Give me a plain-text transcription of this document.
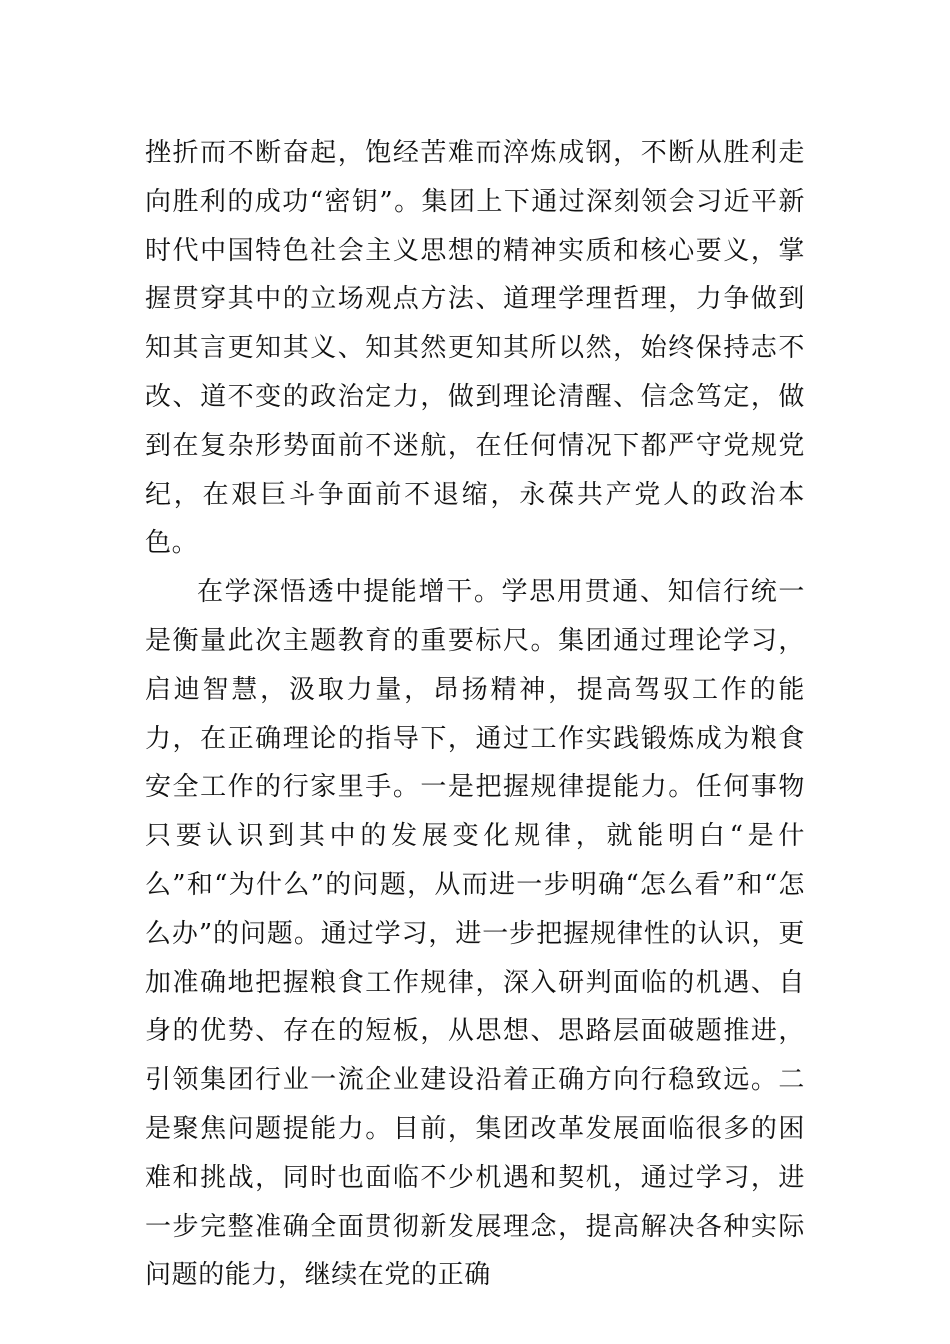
挫折而不断奋起，饱经苦难而淬炼成钢，不断从胜利走向胜利的成功“密钥”。集团上下通过深刻领会习近平新时代中国特色社会主义思想的精神实质和核心要义，掌握贯穿其中的立场观点方法、道理学理哲理，力争做到知其言更知其义、知其然更知其所以然，始终保持志不改、道不变的政治定力，做到理论清醒、信念笃定，做到在复杂形势面前不迷航，在任何情况下都严守党规党纪，在艰巨斗争面前不退缩，永葆共产党人的政治本色。

在学深悟透中提能增干。学思用贯通、知信行统一是衡量此次主题教育的重要标尺。集团通过理论学习，启迪智慧，汲取力量，昂扬精神，提高驾驭工作的能力，在正确理论的指导下，通过工作实践锻炼成为粮食安全工作的行家里手。一是把握规律提能力。任何事物只要认识到其中的发展变化规律，就能明白“是什么”和“为什么”的问题，从而进一步明确“怎么看”和“怎么办”的问题。通过学习，进一步把握规律性的认识，更加准确地把握粮食工作规律，深入研判面临的机遇、自身的优势、存在的短板，从思想、思路层面破题推进，引领集团行业一流企业建设沿着正确方向行稳致远。二是聚焦问题提能力。目前，集团改革发展面临很多的困难和挑战，同时也面临不少机遇和契机，通过学习，进一步完整准确全面贯彻新发展理念，提高解决各种实际问题的能力，继续在党的正确
